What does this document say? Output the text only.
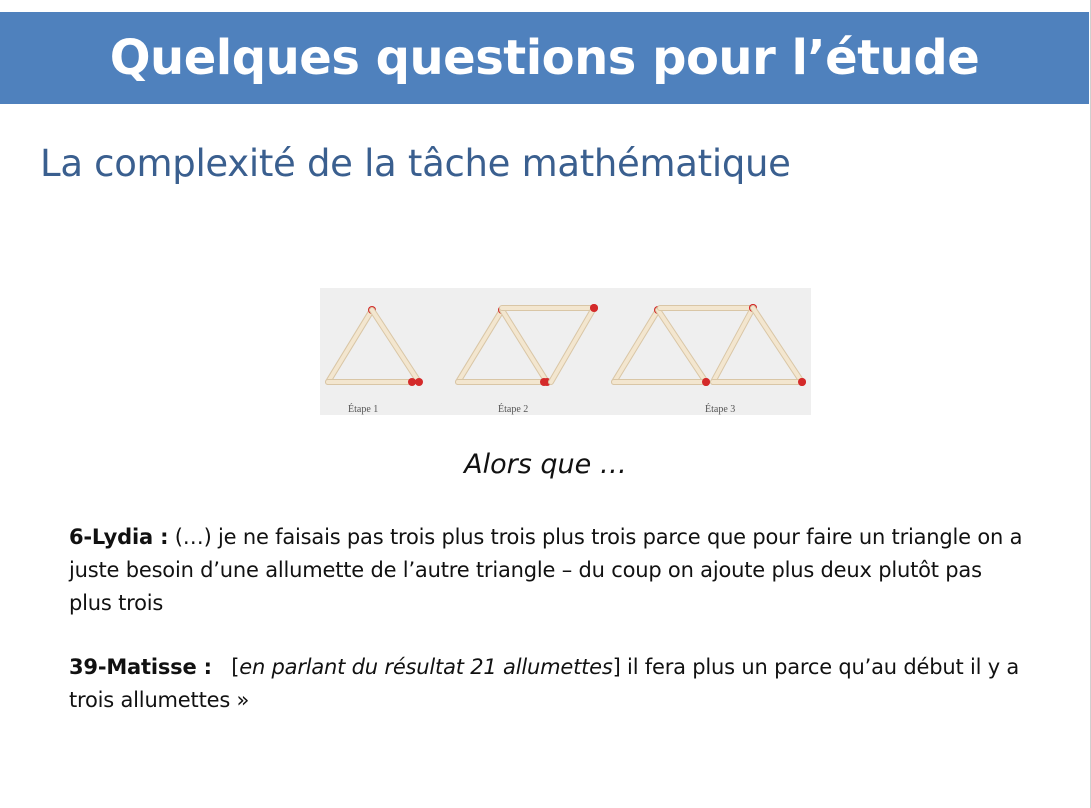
Quelques questions pour l’étude
La complexité de la tâche mathématique
Étape 1	Étape 2	Étape 3
Alors que …
6-Lydia : (…) je ne faisais pas trois plus trois plus trois parce que pour faire un triangle on a juste besoin d’une allumette de l’autre triangle – du coup on ajoute plus deux plutôt pas plus trois
39-Matisse :   [en parlant du résultat 21 allumettes] il fera plus un parce qu’au début il y a trois allumettes »
